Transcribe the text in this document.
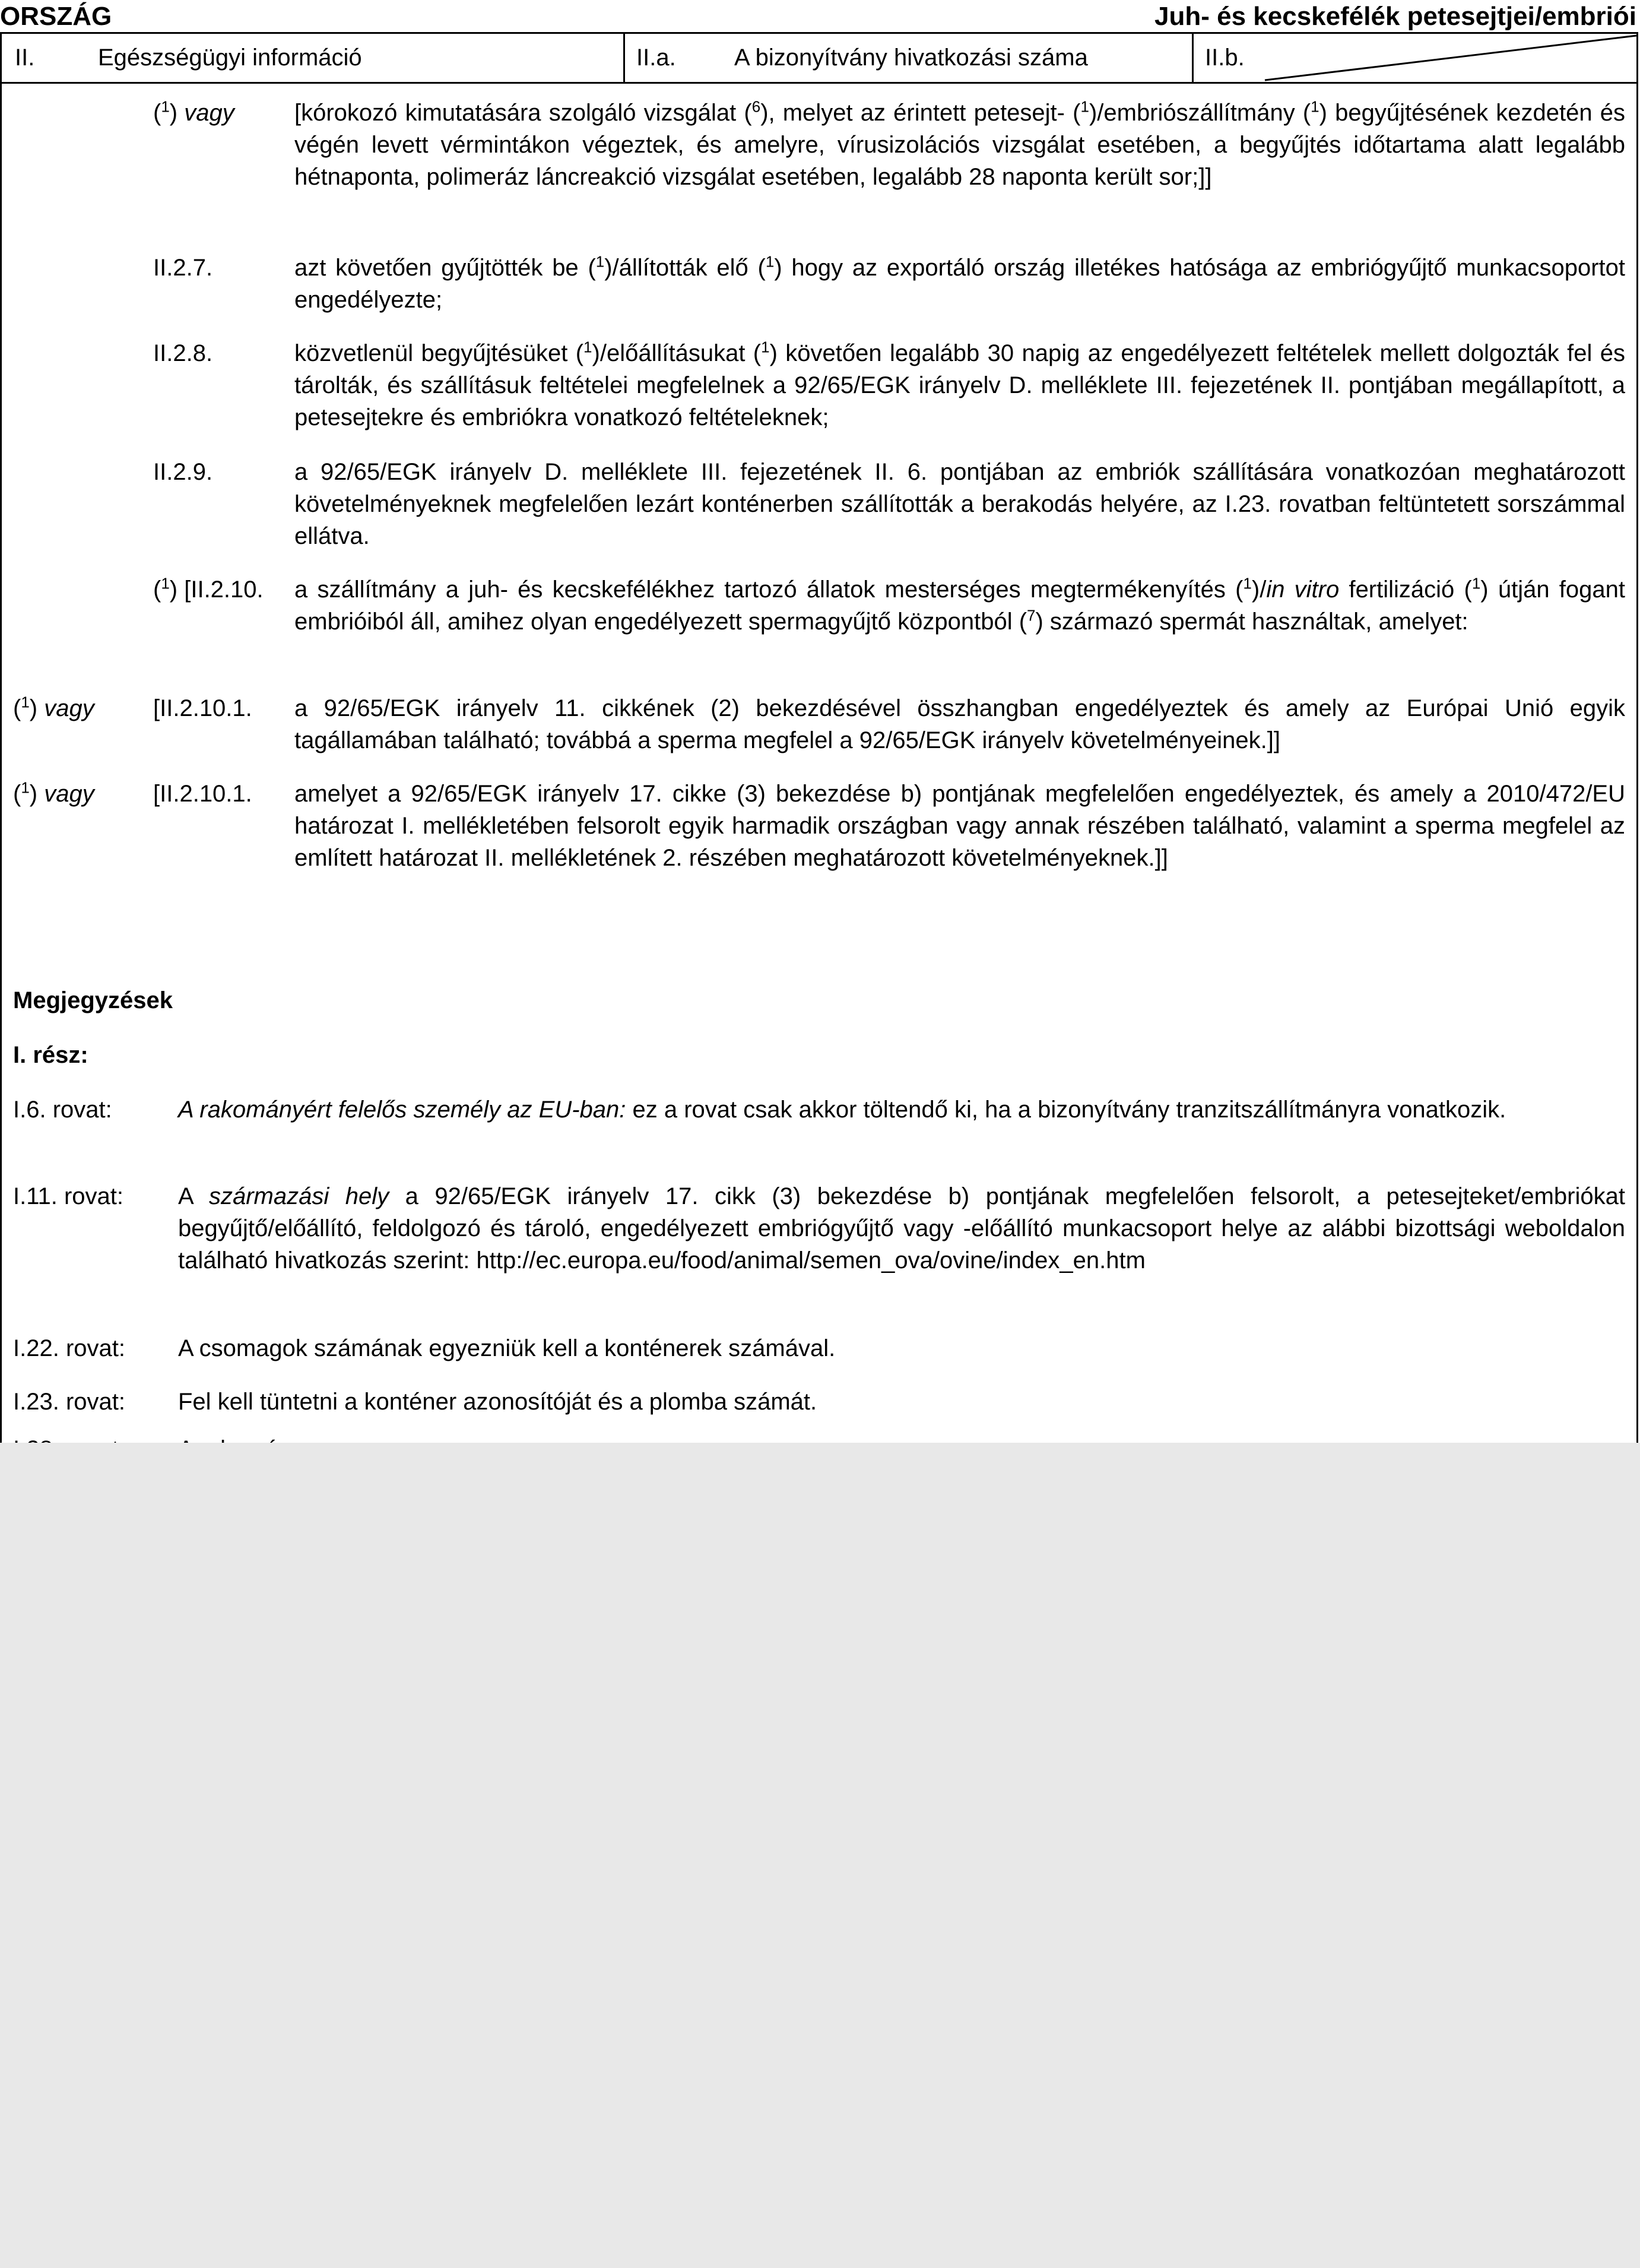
ORSZÁG	Juh- és kecskefélék petesejtjei/embriói
II.	Egészségügyi információ	II.a. A bizonyítvány hivatkozási száma	II.b.
($^1$) vagy	[kórokozó kimutatására szolgáló vizsgálat ($^6$), melyet az érintett petesejt- ($^1$)/embriószállítmány ($^1$) begyűjtésének kezdetén és végén levett vérmintákon végeztek, és amelyre, vírusizolációs vizsgálat esetében, a begyűjtés időtartama alatt legalább hétnaponta, polimeráz láncreakció vizsgálat esetében, legalább 28 naponta került sor;]]
II.2.7.	azt követően gyűjtötték be ($^1$)/állították elő ($^1$) hogy az exportáló ország illetékes hatósága az embriógyűjtő munkacsoportot engedélyezte;
II.2.8.	közvetlenül begyűjtésüket ($^1$)/előállításukat ($^1$) követően legalább 30 napig az engedélyezett feltételek mellett dolgozták fel és tárolták, és szállításuk feltételei megfelelnek a 92/65/EGK irányelv D. melléklete III. fejezetének II. pontjában megállapított, a petesejtekre és embriókra vonatkozó feltételeknek;
II.2.9.	a 92/65/EGK irányelv D. melléklete III. fejezetének II. 6. pontjában az embriók szállítására vonatkozóan meghatározott követelményeknek megfelelően lezárt konténerben szállították a berakodás helyére, az I.23. rovatban feltüntetett sorszámmal ellátva.
($^1$) [II.2.10. a szállítmány a juh- és kecskefélékhez tartozó állatok mesterséges megtermékenyítés ($^1$)/in vitro fertilizáció ($^1$) útján fogant embrióiból áll, amihez olyan engedélyezett spermagyűjtő központból ($^7$) származó spermát használtak, amelyet:
($^1$) vagy [II.2.10.1. a 92/65/EGK irányelv 11. cikkének (2) bekezdésével összhangban engedélyeztek és amely az Európai Unió egyik tagállamában található; továbbá a sperma megfelel a 92/65/EGK irányelv követelményeinek.]]
($^1$) vagy [II.2.10.1. amelyet a 92/65/EGK irányelv 17. cikke (3) bekezdése b) pontjának megfelelően engedélyeztek, és amely a 2010/472/EU határozat I. mellékletében felsorolt egyik harmadik országban vagy annak részében található, valamint a sperma megfelel az említett határozat II. mellékletének 2. részében meghatározott követelményeknek.]]
Megjegyzések
I. rész:
I.6. rovat:	A rakományért felelős személy az EU-ban: ez a rovat csak akkor töltendő ki, ha a bizonyítvány tranzitszállítmányra vonatkozik.
I.11. rovat: A származási hely a 92/65/EGK irányelv 17. cikk (3) bekezdése b) pontjának megfelelően felsorolt, a petesejteket/embriókat begyűjtő/előállító, feldolgozó és tároló, engedélyezett embriógyűjtő vagy -előállító munkacsoport helye az alábbi bizottsági weboldalon található hivatkozás szerint: http://ec.europa.eu/food/animal/semen_ova/ovine/index_en.htm
I.22. rovat: A csomagok számának egyezniük kell a konténerek számával.
I.23. rovat: Fel kell tüntetni a konténer azonosítóját és a plomba számát.
